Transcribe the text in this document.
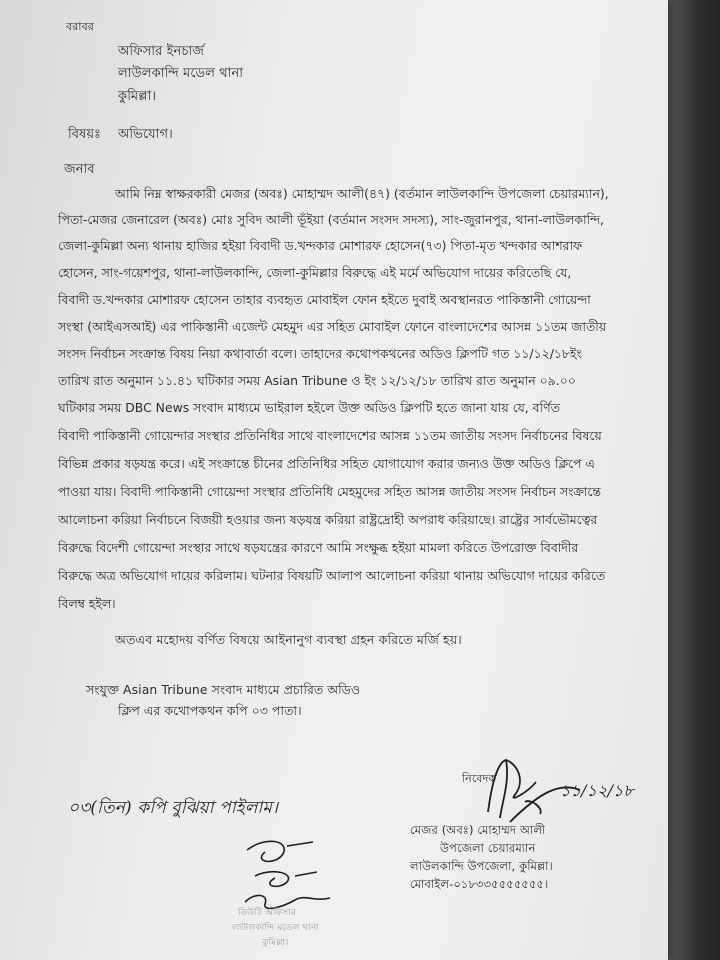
বরাবর
অফিসার ইনচার্জ
লাউলকান্দি মডেল থানা
কুমিল্লা।
বিষয়ঃ অভিযোগ।
জনাব
আমি নিম্ন স্বাক্ষরকারী মেজর (অবঃ) মোহাম্মদ আলী(৪৭) (বর্তমান লাউলকান্দি উপজেলা চেয়ারম্যান),
পিতা-মেজর জেনারেল (অবঃ) মোঃ সুবিদ আলী ভূঁইয়া (বর্তমান সংসদ সদস্য), সাং-জুরানপুর, থানা-লাউলকান্দি,
জেলা-কুমিল্লা অন্য থানায় হাজির হইয়া বিবাদী ড.খন্দকার মোশারফ হোসেন(৭৩) পিতা-মৃত খন্দকার আশরাফ
হোসেন, সাং-গয়েশপুর, থানা-লাউলকান্দি, জেলা-কুমিল্লার বিরুদ্ধে এই মর্মে অভিযোগ দায়ের করিতেছি যে,
বিবাদী ড.খন্দকার মোশারফ হোসেন তাহার ব্যবহৃত মোবাইল ফোন হইতে দুবাই অবস্থানরত পাকিস্তানী গোয়েন্দা
সংস্থা (আইএসআই) এর পাকিস্তানী এজেন্ট মেহমুদ এর সহিত মোবাইল ফোনে বাংলাদেশের আসন্ন ১১তম জাতীয়
সংসদ নির্বাচন সংক্রান্ত বিষয় নিয়া কথাবার্তা বলে। তাহাদের কথোপকথনের অডিও ক্লিপটি গত ১১/১২/১৮ইং
তারিখ রাত অনুমান ১১.৪১ ঘটিকার সময় Asian Tribune ও ইং ১২/১২/১৮ তারিখ রাত অনুমান ০৯.০০
ঘটিকার সময় DBC News সংবাদ মাধ্যমে ভাইরাল হইলে উক্ত অডিও ক্লিপটি হতে জানা যায় যে, বর্ণিত
বিবাদী পাকিস্তানী গোয়েন্দার সংস্থার প্রতিনিধির সাথে বাংলাদেশের আসন্ন ১১তম জাতীয় সংসদ নির্বাচনের বিষয়ে
বিভিন্ন প্রকার ষড়যন্ত্র করে। এই সংক্রান্তে চীনের প্রতিনিধির সহিত যোগাযোগ করার জন্যও উক্ত অডিও ক্লিপে এ
পাওয়া যায়। বিবাদী পাকিস্তানী গোয়েন্দা সংস্থার প্রতিনিধি মেহমুদের সহিত আসন্ন জাতীয় সংসদ নির্বাচন সংক্রান্তে
আলোচনা করিয়া নির্বাচনে বিজয়ী হওয়ার জন্য ষড়যন্ত্র করিয়া রাষ্ট্রদ্রোহী অপরাধ করিয়াছে। রাষ্ট্রের সার্বভৌমত্বের
বিরুদ্ধে বিদেশী গোয়েন্দা সংস্থার সাথে ষড়যন্ত্রের কারণে আমি সংক্ষুব্ধ হইয়া মামলা করিতে উপরোক্ত বিবাদীর
বিরুদ্ধে অত্র অভিযোগ দায়ের করিলাম। ঘটনার বিষয়টি আলাপ আলোচনা করিয়া থানায় অভিযোগ দায়ের করিতে
বিলম্ব হইল।
অতএব মহোদয় বর্ণিত বিষয়ে আইনানুগ ব্যবস্থা গ্রহন করিতে মর্জি হয়।
সংযুক্ত Asian Tribune সংবাদ মাধ্যমে প্রচারিত অডিও
ক্লিপ এর কথোপকথন কপি ০৩ পাতা।
০৩(তিন) কপি বুঝিয়া পাইলাম।
ডিউটি অফিসার
লাউলকান্দি মডেল থানা
কুমিল্লা।
নিবেদক
১১/১২/১৮
মেজর (অবঃ) মোহাম্মদ আলী
উপজেলা চেয়ারম্যান
লাউলকান্দি উপজেলা, কুমিল্লা।
মোবাইল-০১৮৩৩৫৫৫৫৫৫৫।
